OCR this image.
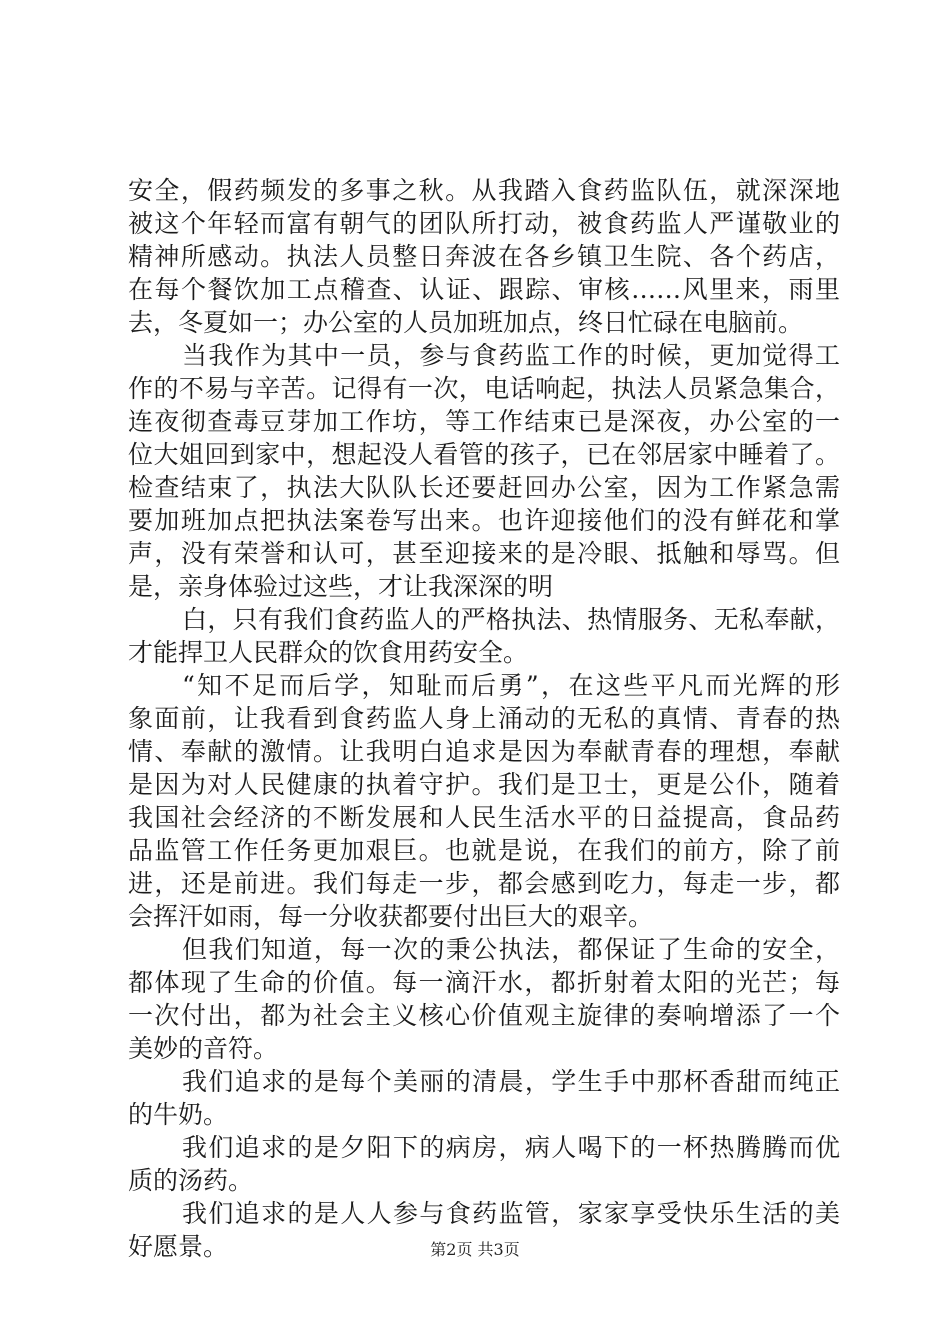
安全，假药频发的多事之秋。从我踏入食药监队伍，就深深地
被这个年轻而富有朝气的团队所打动，被食药监人严谨敬业的
精神所感动。执法人员整日奔波在各乡镇卫生院、各个药店，
在每个餐饮加工点稽查、认证、跟踪、审核……风里来，雨里
去，冬夏如一；办公室的人员加班加点，终日忙碌在电脑前。
当我作为其中一员，参与食药监工作的时候，更加觉得工
作的不易与辛苦。记得有一次，电话响起，执法人员紧急集合，
连夜彻查毒豆芽加工作坊，等工作结束已是深夜，办公室的一
位大姐回到家中，想起没人看管的孩子，已在邻居家中睡着了。
检查结束了，执法大队队长还要赶回办公室，因为工作紧急需
要加班加点把执法案卷写出来。也许迎接他们的没有鲜花和掌
声，没有荣誉和认可，甚至迎接来的是冷眼、抵触和辱骂。但
是，亲身体验过这些，才让我深深的明
白，只有我们食药监人的严格执法、热情服务、无私奉献，
才能捍卫人民群众的饮食用药安全。
“知不足而后学，知耻而后勇”，在这些平凡而光辉的形
象面前，让我看到食药监人身上涌动的无私的真情、青春的热
情、奉献的激情。让我明白追求是因为奉献青春的理想，奉献
是因为对人民健康的执着守护。我们是卫士，更是公仆，随着
我国社会经济的不断发展和人民生活水平的日益提高，食品药
品监管工作任务更加艰巨。也就是说，在我们的前方，除了前
进，还是前进。我们每走一步，都会感到吃力，每走一步，都
会挥汗如雨，每一分收获都要付出巨大的艰辛。
但我们知道，每一次的秉公执法，都保证了生命的安全，
都体现了生命的价值。每一滴汗水，都折射着太阳的光芒；每
一次付出，都为社会主义核心价值观主旋律的奏响增添了一个
美妙的音符。
我们追求的是每个美丽的清晨，学生手中那杯香甜而纯正
的牛奶。
我们追求的是夕阳下的病房，病人喝下的一杯热腾腾而优
质的汤药。
我们追求的是人人参与食药监管，家家享受快乐生活的美
好愿景。	第2页 共3页
